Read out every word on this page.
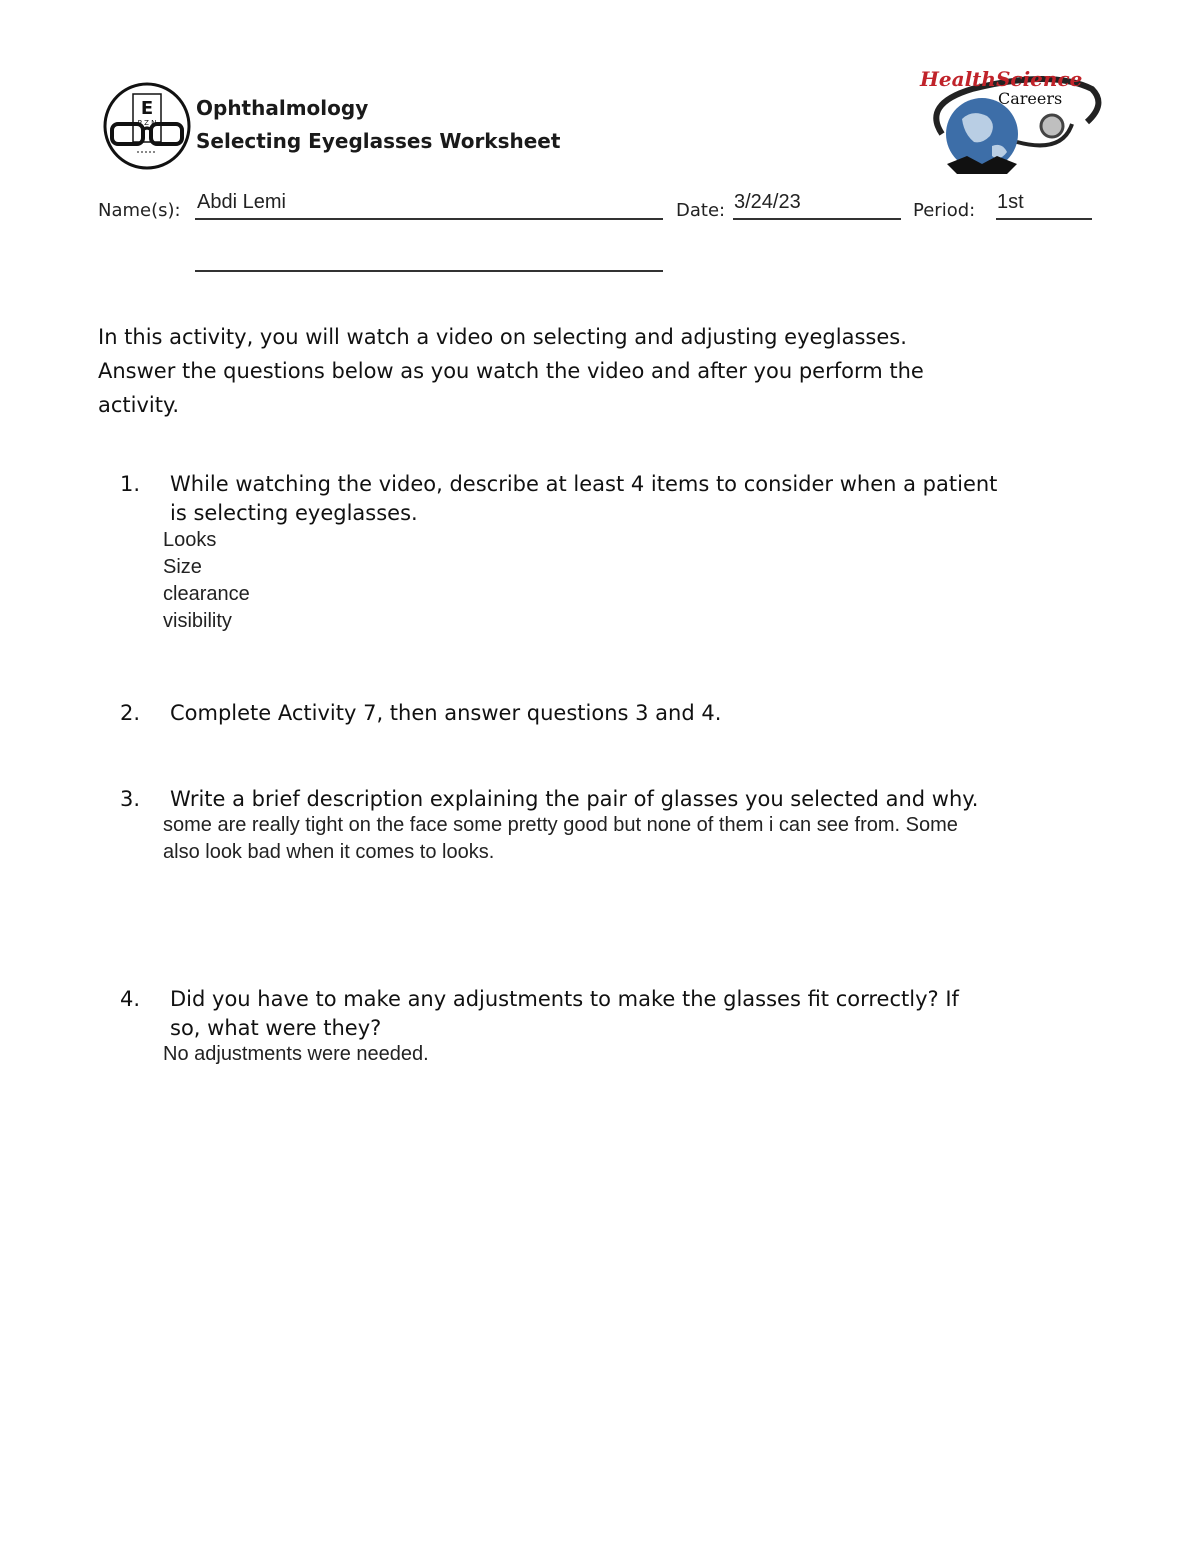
E
P Z N
Ophthalmology
Selecting Eyeglasses Worksheet
HealthScience
Careers
Name(s): Abdi Lemi	Date: 3/24/23	Period: 1st
In this activity, you will watch a video on selecting and adjusting eyeglasses.
Answer the questions below as you watch the video and after you perform the
activity.
1. While watching the video, describe at least 4 items to consider when a patient
is selecting eyeglasses.
Looks
Size
clearance
visibility
2. Complete Activity 7, then answer questions 3 and 4.
3. Write a brief description explaining the pair of glasses you selected and why.
some are really tight on the face some pretty good but none of them i can see from. Some
also look bad when it comes to looks.
4. Did you have to make any adjustments to make the glasses fit correctly? If
so, what were they?
No adjustments were needed.
